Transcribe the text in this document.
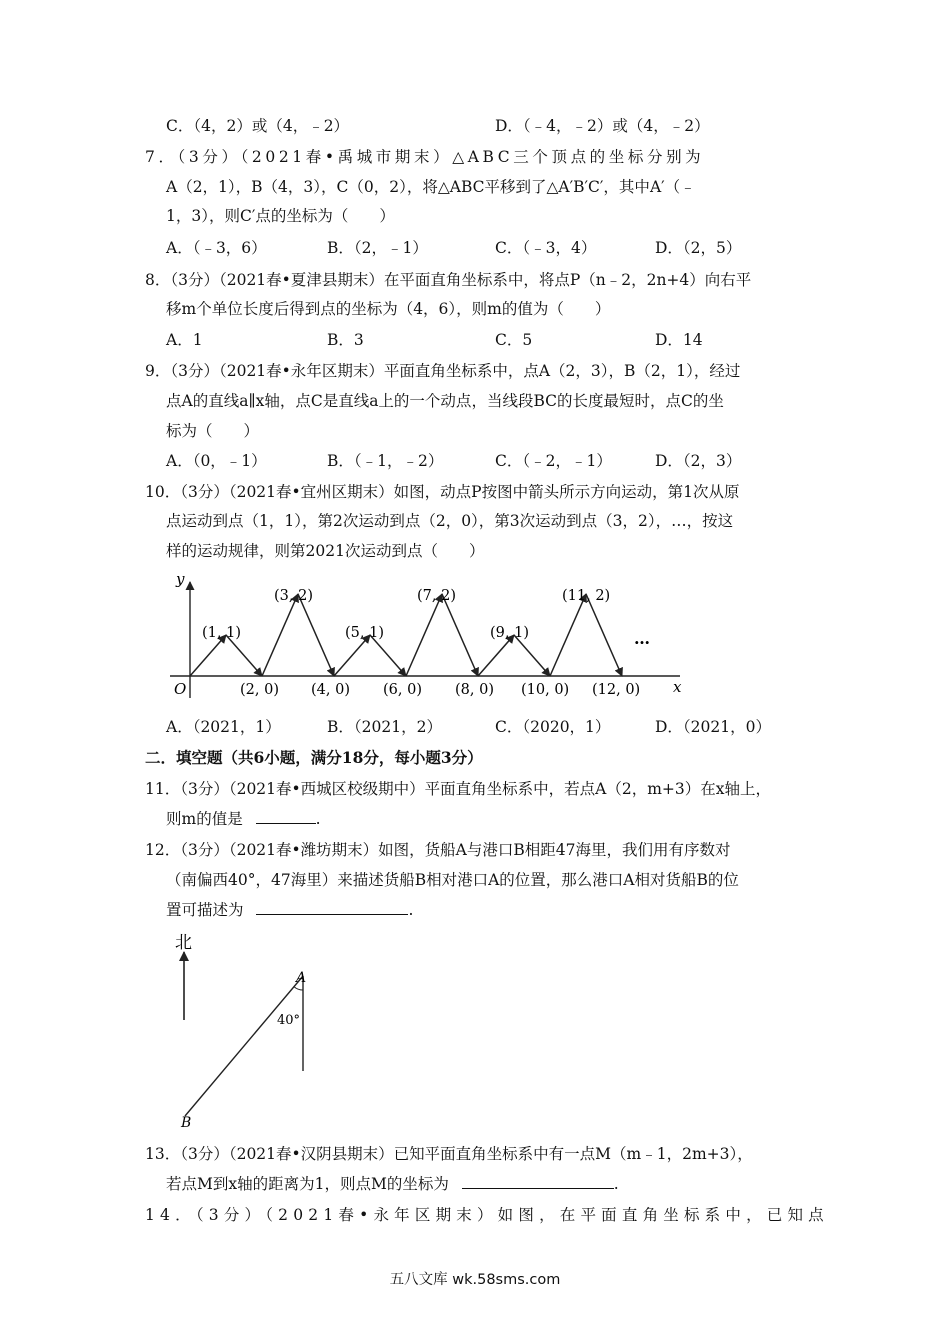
C．（4，2）或（4，﹣2）	D．（﹣4，﹣2）或（4，﹣2）
7．（3分）（2021春•禹城市期末）△ABC三个顶点的坐标分别为
A（2，1），B（4，3），C（0，2），将△ABC平移到了△A′B′C′，其中A′（﹣
1，3），则C′点的坐标为（　　）
A．（﹣3，6）	B．（2，﹣1）	C．（﹣3，4）	D．（2，5）
8．（3分）（2021春•夏津县期末）在平面直角坐标系中，将点P（n﹣2，2n+4）向右平
移m个单位长度后得到点的坐标为（4，6），则m的值为（　　）
A．1	B．3	C．5	D．14
9．（3分）（2021春•永年区期末）平面直角坐标系中，点A（2，3），B（2，1），经过
点A的直线a∥x轴，点C是直线a上的一个动点，当线段BC的长度最短时，点C的坐
标为（　　）
A．（0，﹣1）	B．（﹣1，﹣2）	C．（﹣2，﹣1）	D．（2，3）
10．（3分）（2021春•宜州区期末）如图，动点P按图中箭头所示方向运动，第1次从原
点运动到点（1，1），第2次运动到点（2，0），第3次运动到点（3，2），…，按这
样的运动规律，则第2021次运动到点（　　）
y
x
O
(1, 1)
(3, 2)
(5, 1)
(7, 2)
(9, 1)
(11, 2)
(2, 0) (4, 0) (6, 0) (8, 0) (10, 0) (12, 0)
…
A．（2021，1）	B．（2021，2）	C．（2020，1）	D．（2021，0）
二．填空题（共6小题，满分18分，每小题3分）
11．（3分）（2021春•西城区校级期中）平面直角坐标系中，若点A（2，m+3）在x轴上，
则m的值是	.
12．（3分）（2021春•潍坊期末）如图，货船A与港口B相距47海里，我们用有序数对
（南偏西40°，47海里）来描述货船B相对港口A的位置，那么港口A相对货船B的位
置可描述为	.
北
A
40°
B
13．（3分）（2021春•汉阴县期末）已知平面直角坐标系中有一点M（m﹣1，2m+3），
若点M到x轴的距离为1，则点M的坐标为	.
14．（3分）（2021春•永年区期末）如图，在平面直角坐标系中，已知点
五八文库 wk.58sms.com
